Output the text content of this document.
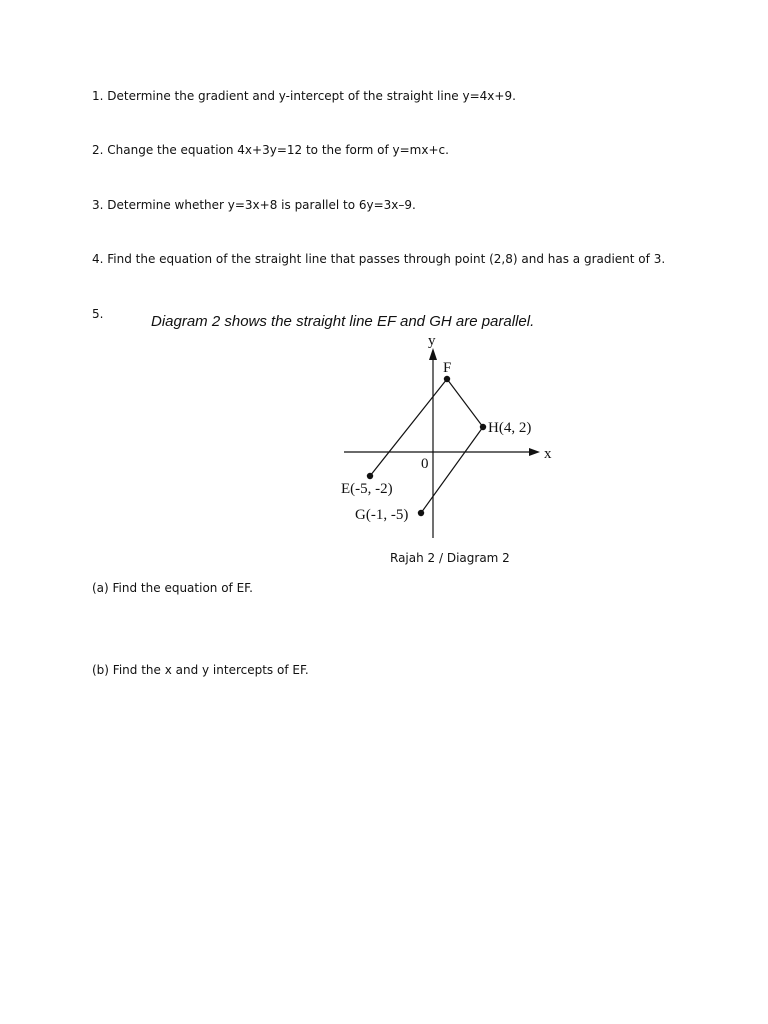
1. Determine the gradient and y-intercept of the straight line y=4x+9.
2. Change the equation 4x+3y=12 to the form of y=mx+c.
3. Determine whether y=3x+8 is parallel to 6y=3x–9.
4. Find the equation of the straight line that passes through point (2,8) and has a gradient of 3.
5.	Diagram 2 shows the straight line EF and GH are parallel.
y
x
0
F
H(4, 2)
E(-5, -2)
G(-1, -5)
Rajah 2 / Diagram 2
(a) Find the equation of EF.
(b) Find the x and y intercepts of EF.
